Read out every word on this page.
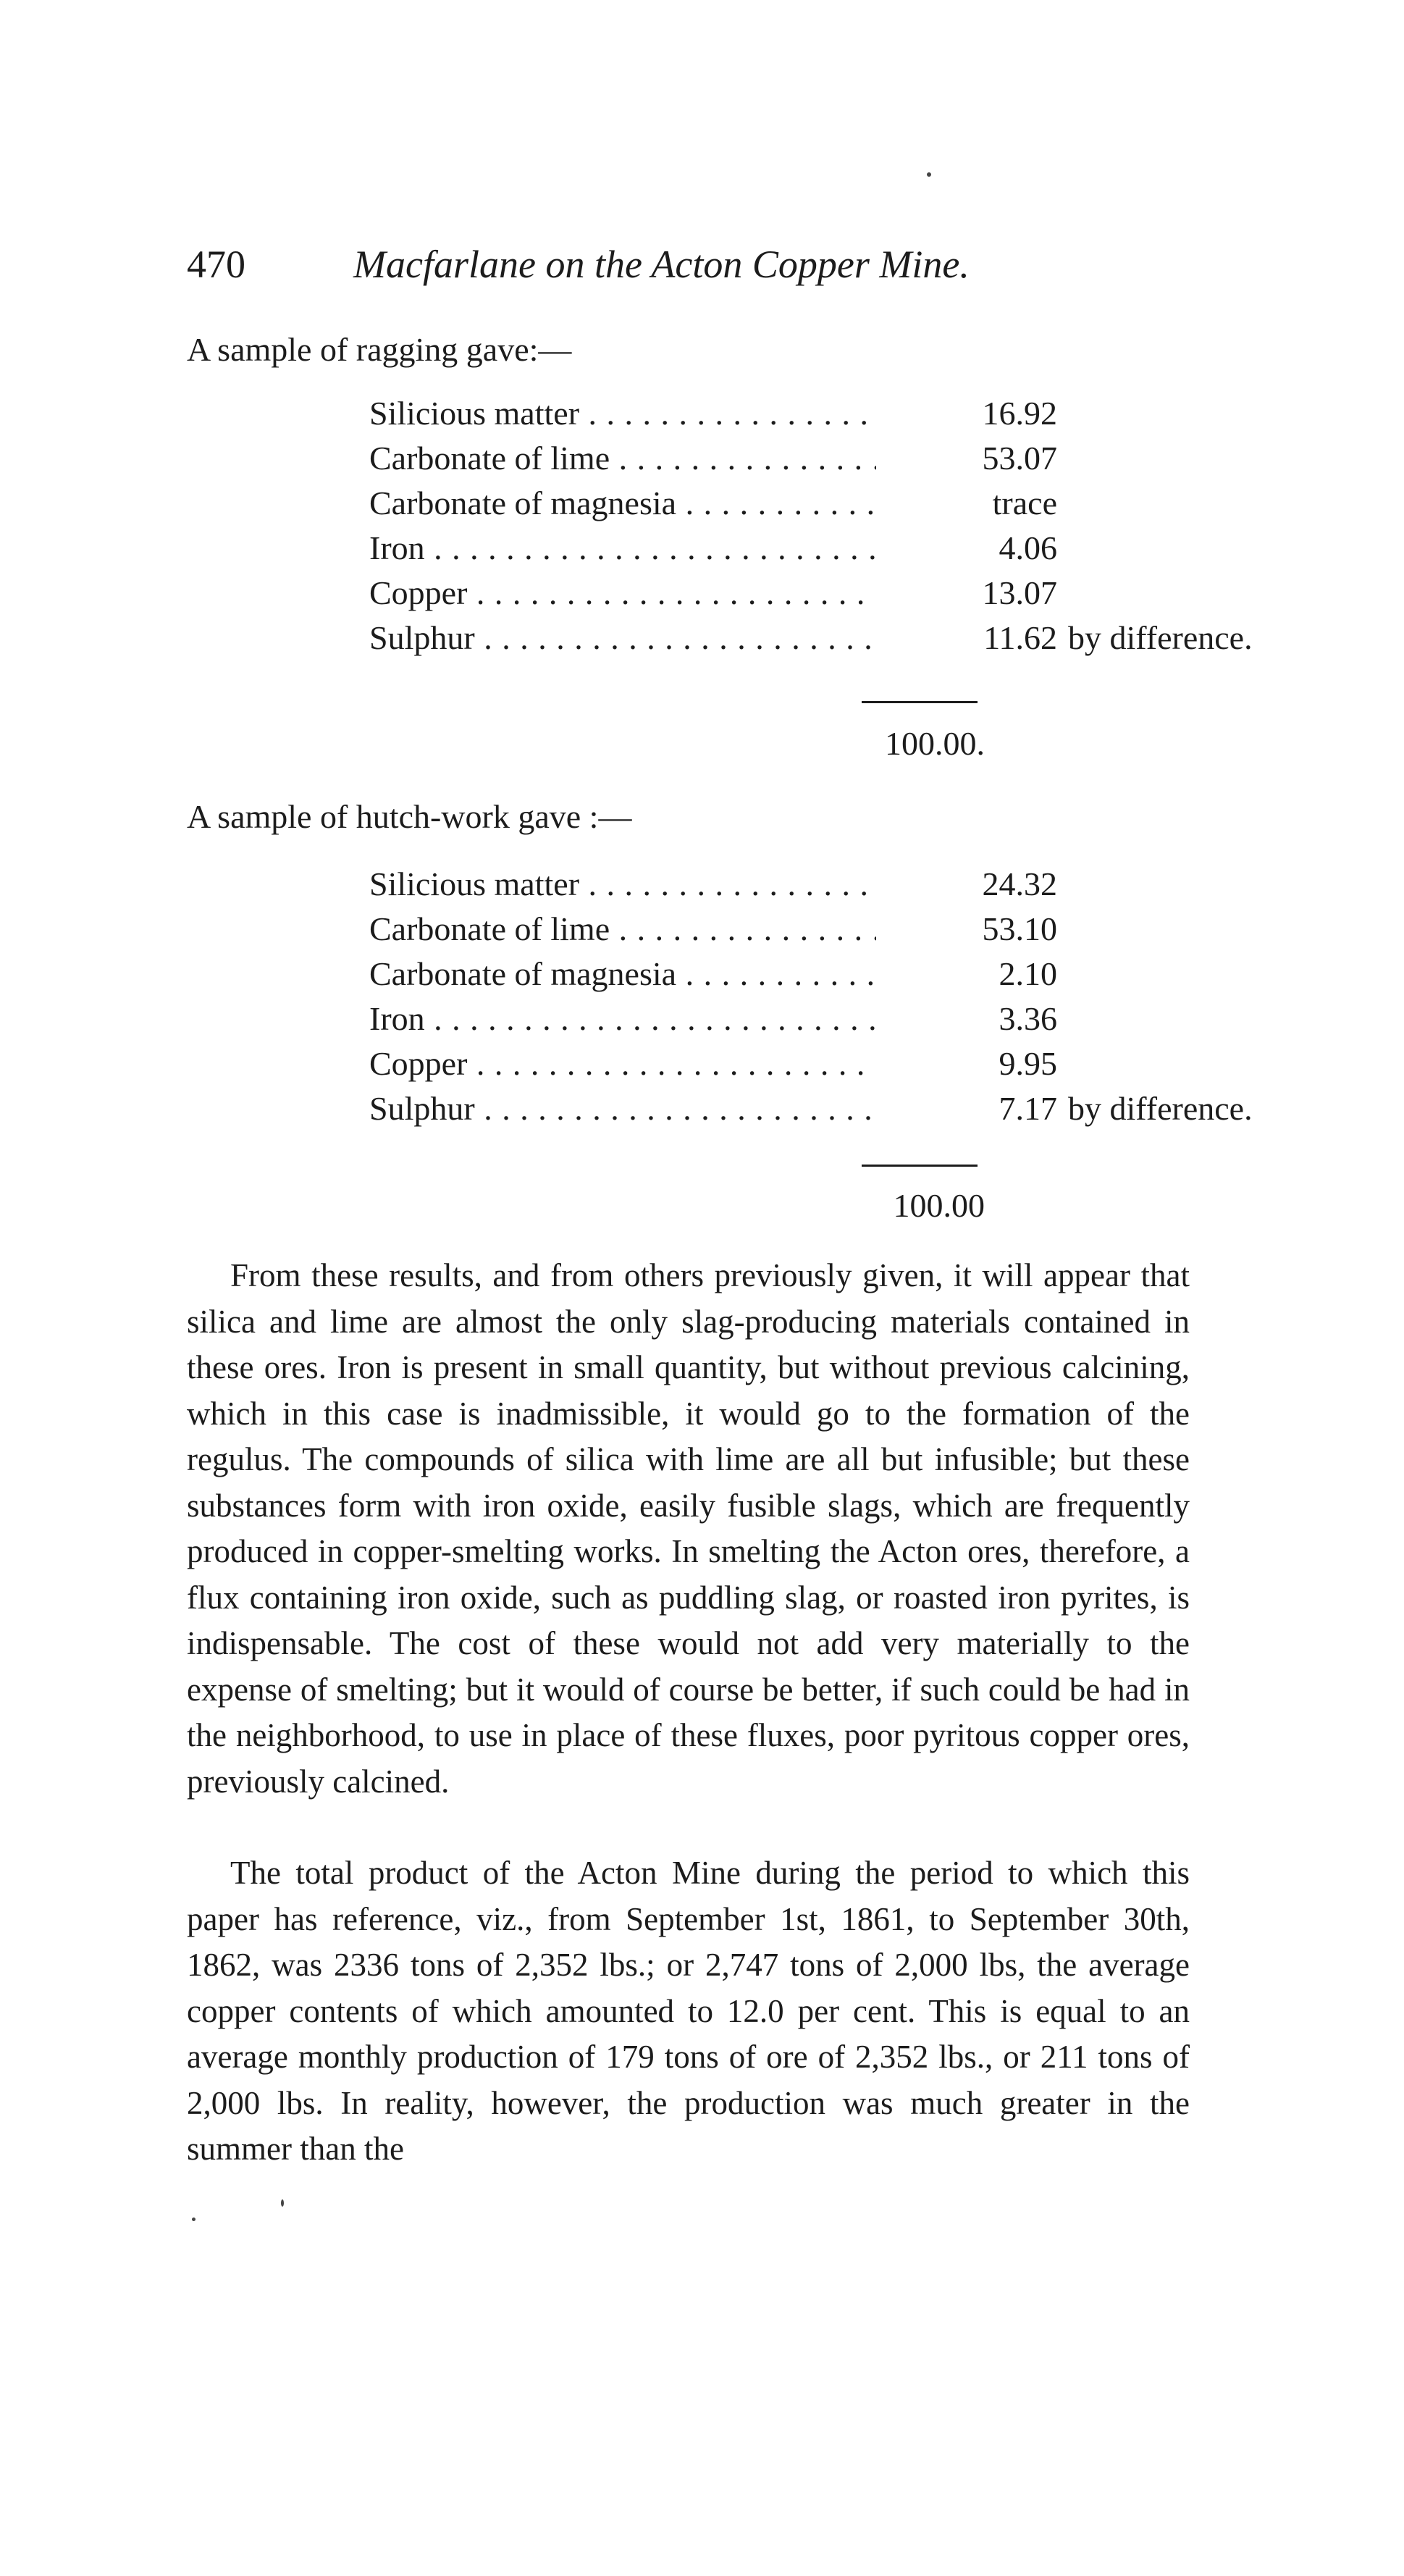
470	Macfarlane on the Acton Copper Mine.
A sample of ragging gave:—
Silicious matter . . .	16.92
Carbonate of lime . . .	53.07
Carbonate of magnesia . . .	trace
Iron . . .	4.06
Copper . . .	13.07
Sulphur . . .	11.62 by difference.
100.00.
A sample of hutch-work gave :—
Silicious matter . . .	24.32
Carbonate of lime . . .	53.10
Carbonate of magnesia . . .	2.10
Iron . . .	3.36
Copper . . .	9.95
Sulphur . . .	7.17 by difference.
100.00

From these results, and from others previously given, it will appear that silica and lime are almost the only slag-producing materials contained in these ores. Iron is present in small quantity, but without previous calcining, which in this case is inadmissible, it would go to the formation of the regulus. The compounds of silica with lime are all but infusible; but these substances form with iron oxide, easily fusible slags, which are frequently produced in copper-smelting works. In smelting the Acton ores, therefore, a flux containing iron oxide, such as puddling slag, or roasted iron pyrites, is indispensable. The cost of these would not add very materially to the expense of smelting; but it would of course be better, if such could be had in the neighborhood, to use in place of these fluxes, poor pyritous copper ores, previously calcined.

The total product of the Acton Mine during the period to which this paper has reference, viz., from September 1st, 1861, to September 30th, 1862, was 2336 tons of 2,352 lbs.; or 2,747 tons of 2,000 lbs, the average copper contents of which amounted to 12.0 per cent. This is equal to an average monthly production of 179 tons of ore of 2,352 lbs., or 211 tons of 2,000 lbs. In reality, however, the production was much greater in the summer than the
